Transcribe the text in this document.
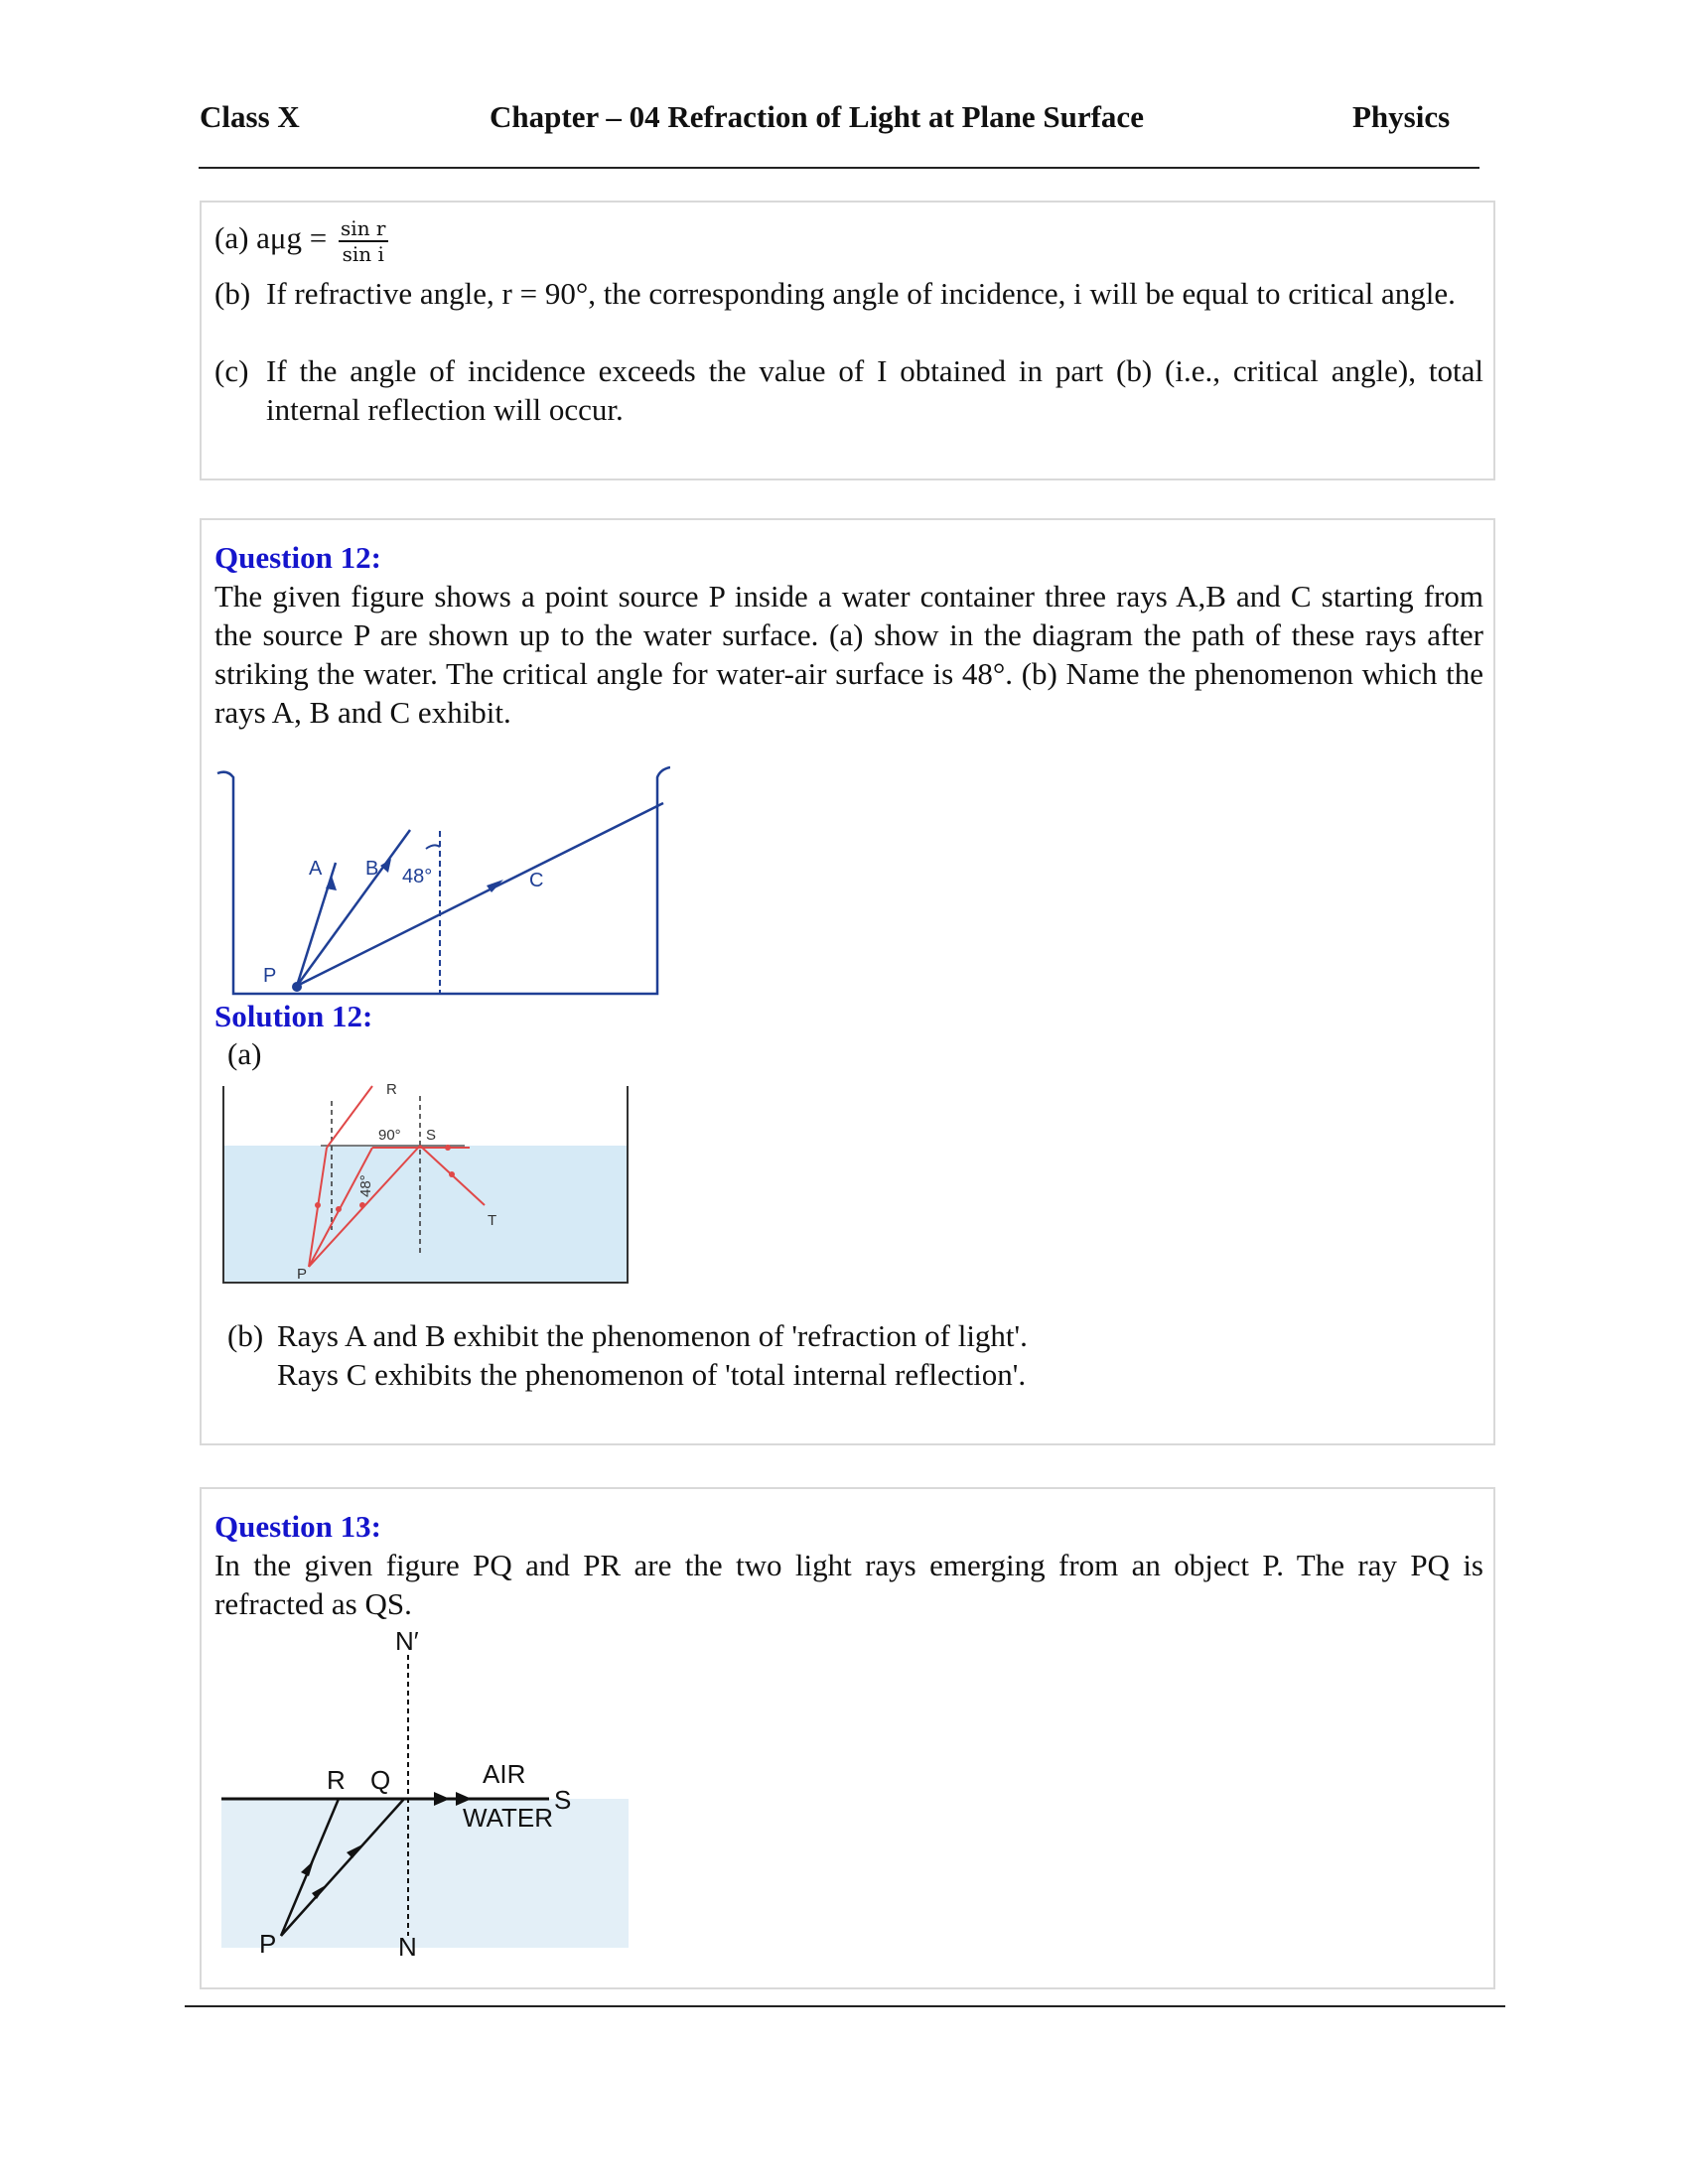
Class X	Chapter – 04 Refraction of Light at Plane Surface	Physics
(a) $a\mu g = \frac{\text{sin r}}{\text{sin i}}$
(b) If refractive angle, r = 90°, the corresponding angle of incidence, i will be equal to critical angle.
(c) If the angle of incidence exceeds the value of I obtained in part (b) (i.e., critical angle), total internal reflection will occur.
Question 12:
The given figure shows a point source P inside a water container three rays A,B and C starting from the source P are shown up to the water surface. (a) show in the diagram the path of these rays after striking the water. The critical angle for water-air surface is 48°. (b) Name the phenomenon which the rays A, B and C exhibit.
A B 48°	C
P
Solution 12:
(a)
R
90° S
48°
T
P
(b) Rays A and B exhibit the phenomenon of 'refraction of light'.
Rays C exhibits the phenomenon of 'total internal reflection'.
Question 13:
In the given figure PQ and PR are the two light rays emerging from an object P. The ray PQ is refracted as QS.
N′
R Q	AIR
WATER
S
P	N
